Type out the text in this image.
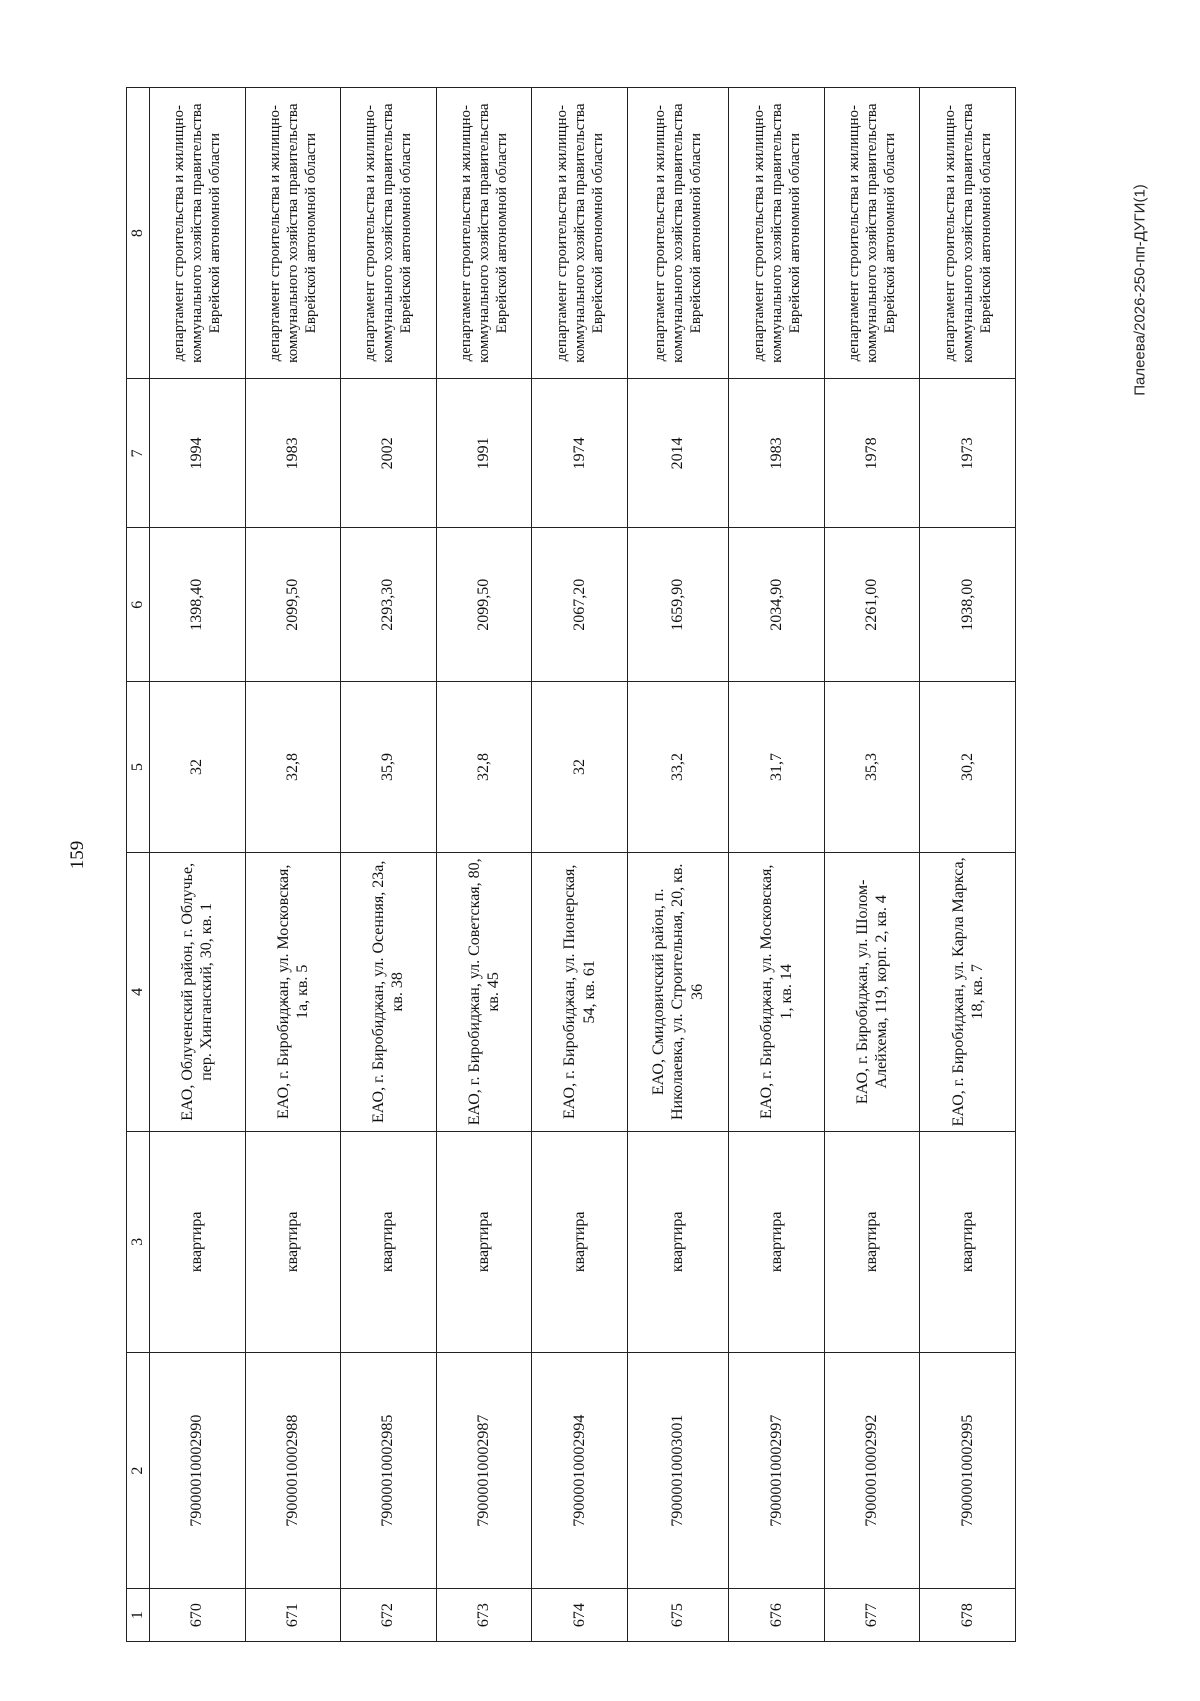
159
Палеева/2026-250-пп-ДУГИ(1)
1	2	3	4	5	6	7	8
670	79000010002990	квартира	ЕАО, Облученский район, г. Облучье, пер. Хинганский, 30, кв. 1	32	1398,40	1994	департамент строительства и жилищно-коммунального хозяйства правительства Еврейской автономной области
671	79000010002988	квартира	ЕАО, г. Биробиджан, ул. Московская, 1а, кв. 5	32,8	2099,50	1983	департамент строительства и жилищно-коммунального хозяйства правительства Еврейской автономной области
672	79000010002985	квартира	ЕАО, г. Биробиджан, ул. Осенняя, 23а, кв. 38	35,9	2293,30	2002	департамент строительства и жилищно-коммунального хозяйства правительства Еврейской автономной области
673	79000010002987	квартира	ЕАО, г. Биробиджан, ул. Советская, 80, кв. 45	32,8	2099,50	1991	департамент строительства и жилищно-коммунального хозяйства правительства Еврейской автономной области
674	79000010002994	квартира	ЕАО, г. Биробиджан, ул. Пионерская, 54, кв. 61	32	2067,20	1974	департамент строительства и жилищно-коммунального хозяйства правительства Еврейской автономной области
675	79000010003001	квартира	ЕАО, Смидовичский район, п. Николаевка, ул. Строительная, 20, кв. 36	33,2	1659,90	2014	департамент строительства и жилищно-коммунального хозяйства правительства Еврейской автономной области
676	79000010002997	квартира	ЕАО, г. Биробиджан, ул. Московская, 1, кв. 14	31,7	2034,90	1983	департамент строительства и жилищно-коммунального хозяйства правительства Еврейской автономной области
677	79000010002992	квартира	ЕАО, г. Биробиджан, ул. Шолом-Алейхема, 119, корп. 2, кв. 4	35,3	2261,00	1978	департамент строительства и жилищно-коммунального хозяйства правительства Еврейской автономной области
678	79000010002995	квартира	ЕАО, г. Биробиджан, ул. Карла Маркса, 18, кв. 7	30,2	1938,00	1973	департамент строительства и жилищно-коммунального хозяйства правительства Еврейской автономной области
